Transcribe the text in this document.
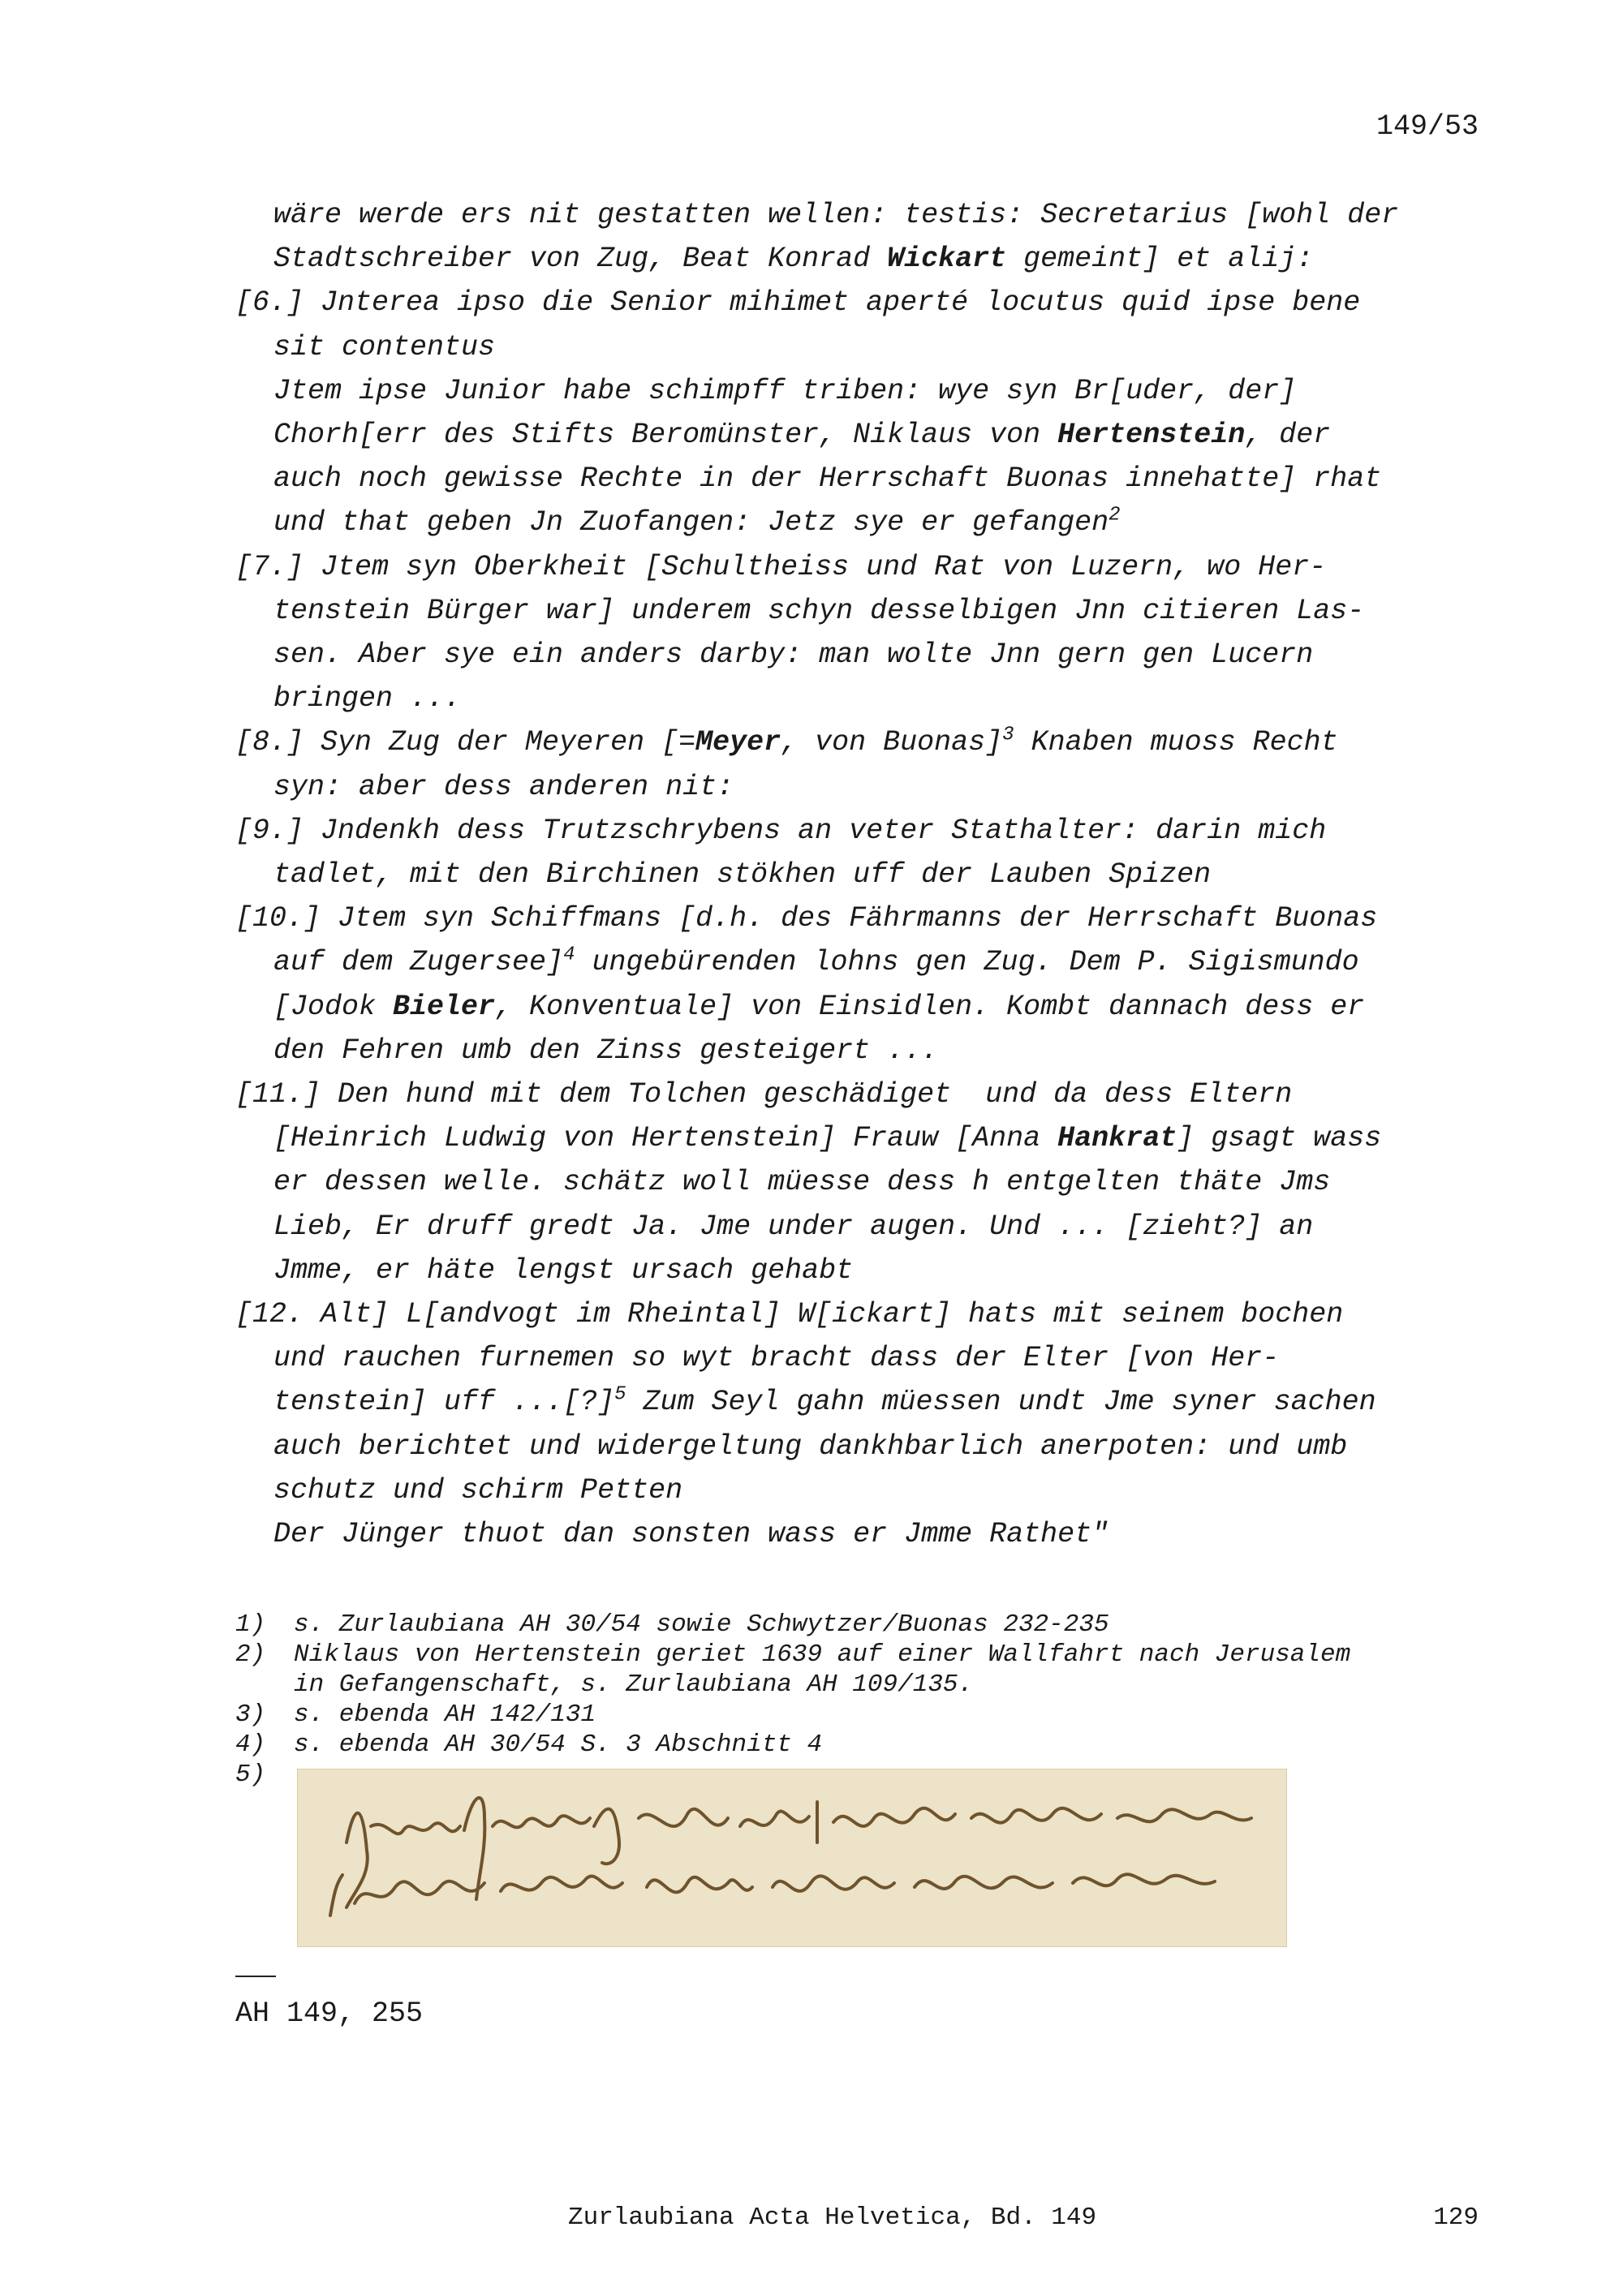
149/53
wäre werde ers nit gestatten wellen: testis: Secretarius [wohl der
Stadtschreiber von Zug, Beat Konrad Wickart gemeint] et alij:
[6.] Jnterea ipso die Senior mihimet aperté locutus quid ipse bene
sit contentus
Jtem ipse Junior habe schimpff triben: wye syn Br[uder, der]
Chorh[err des Stifts Beromünster, Niklaus von Hertenstein, der
auch noch gewisse Rechte in der Herrschaft Buonas innehatte] rhat
und that geben Jn Zuofangen: Jetz sye er gefangen$^2$
[7.] Jtem syn Oberkheit [Schultheiss und Rat von Luzern, wo Her-
tenstein Bürger war] underem schyn desselbigen Jnn citieren Las-
sen. Aber sye ein anders darby: man wolte Jnn gern gen Lucern
bringen ...
[8.] Syn Zug der Meyeren [=Meyer, von Buonas]$^3$ Knaben muoss Recht
syn: aber dess anderen nit:
[9.] Jndenkh dess Trutzschrybens an veter Stathalter: darin mich
tadlet, mit den Birchinen stökhen uff der Lauben Spizen
[10.] Jtem syn Schiffmans [d.h. des Fährmanns der Herrschaft Buonas
auf dem Zugersee]$^4$ ungebürenden lohns gen Zug. Dem P. Sigismundo
[Jodok Bieler, Konventuale] von Einsidlen. Kombt dannach dess er
den Fehren umb den Zinss gesteigert ...
[11.] Den hund mit dem Tolchen geschädiget  und da dess Eltern
[Heinrich Ludwig von Hertenstein] Frauw [Anna Hankrat] gsagt wass
er dessen welle. schätz woll müesse dess h entgelten thäte Jms
Lieb, Er druff gredt Ja. Jme under augen. Und ... [zieht?] an
Jmme, er häte lengst ursach gehabt
[12. Alt] L[andvogt im Rheintal] W[ickart] hats mit seinem bochen
und rauchen furnemen so wyt bracht dass der Elter [von Her-
tenstein] uff ...[?]$^5$ Zum Seyl gahn müessen undt Jme syner sachen
auch berichtet und widergeltung dankhbarlich anerpoten: und umb
schutz und schirm Petten
Der Jünger thuot dan sonsten wass er Jmme Rathet"
1) s. Zurlaubiana AH 30/54 sowie Schwytzer/Buonas 232-235
2) Niklaus von Hertenstein geriet 1639 auf einer Wallfahrt nach Jerusalem
in Gefangenschaft, s. Zurlaubiana AH 109/135.
3) s. ebenda AH 142/131
4) s. ebenda AH 30/54 S. 3 Abschnitt 4
5)
AH 149, 255
Zurlaubiana Acta Helvetica, Bd. 149	129
